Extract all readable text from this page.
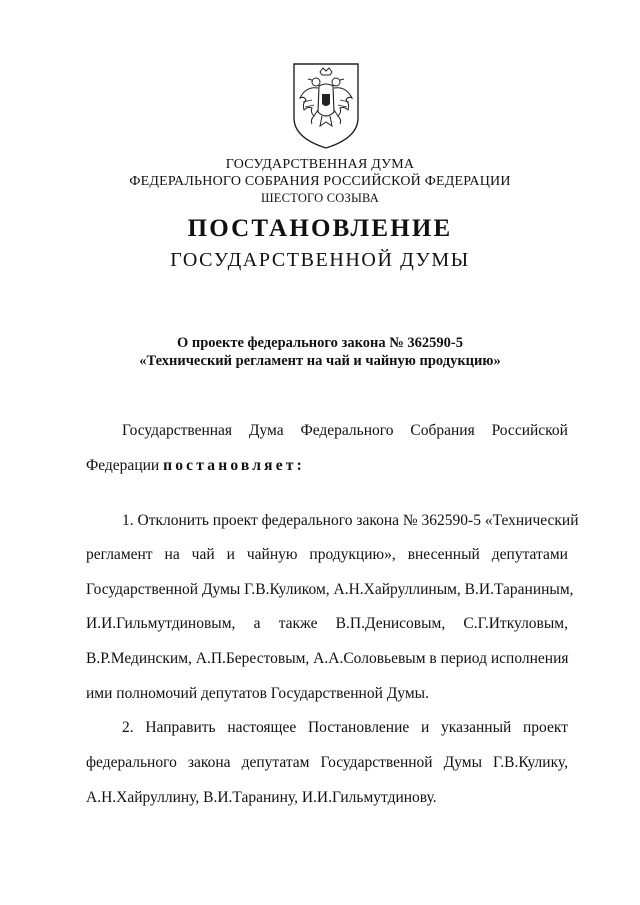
ГОСУДАРСТВЕННАЯ ДУМА
ФЕДЕРАЛЬНОГО СОБРАНИЯ РОССИЙСКОЙ ФЕДЕРАЦИИ
ШЕСТОГО СОЗЫВА
ПОСТАНОВЛЕНИЕ
ГОСУДАРСТВЕННОЙ ДУМЫ
О проекте федерального закона № 362590-5
«Технический регламент на чай и чайную продукцию»
Государственная Дума Федерального Собрания Российской
Федерации постановляет:
1. Отклонить проект федерального закона № 362590-5 «Технический
регламент на чай и чайную продукцию», внесенный депутатами
Государственной Думы Г.В.Куликом, А.Н.Хайруллиным, В.И.Тараниным,
И.И.Гильмутдиновым, а также В.П.Денисовым, С.Г.Иткуловым,
В.Р.Мединским, А.П.Берестовым, А.А.Соловьевым в период исполнения
ими полномочий депутатов Государственной Думы.
2. Направить настоящее Постановление и указанный проект
федерального закона депутатам Государственной Думы Г.В.Кулику,
А.Н.Хайруллину, В.И.Таранину, И.И.Гильмутдинову.
